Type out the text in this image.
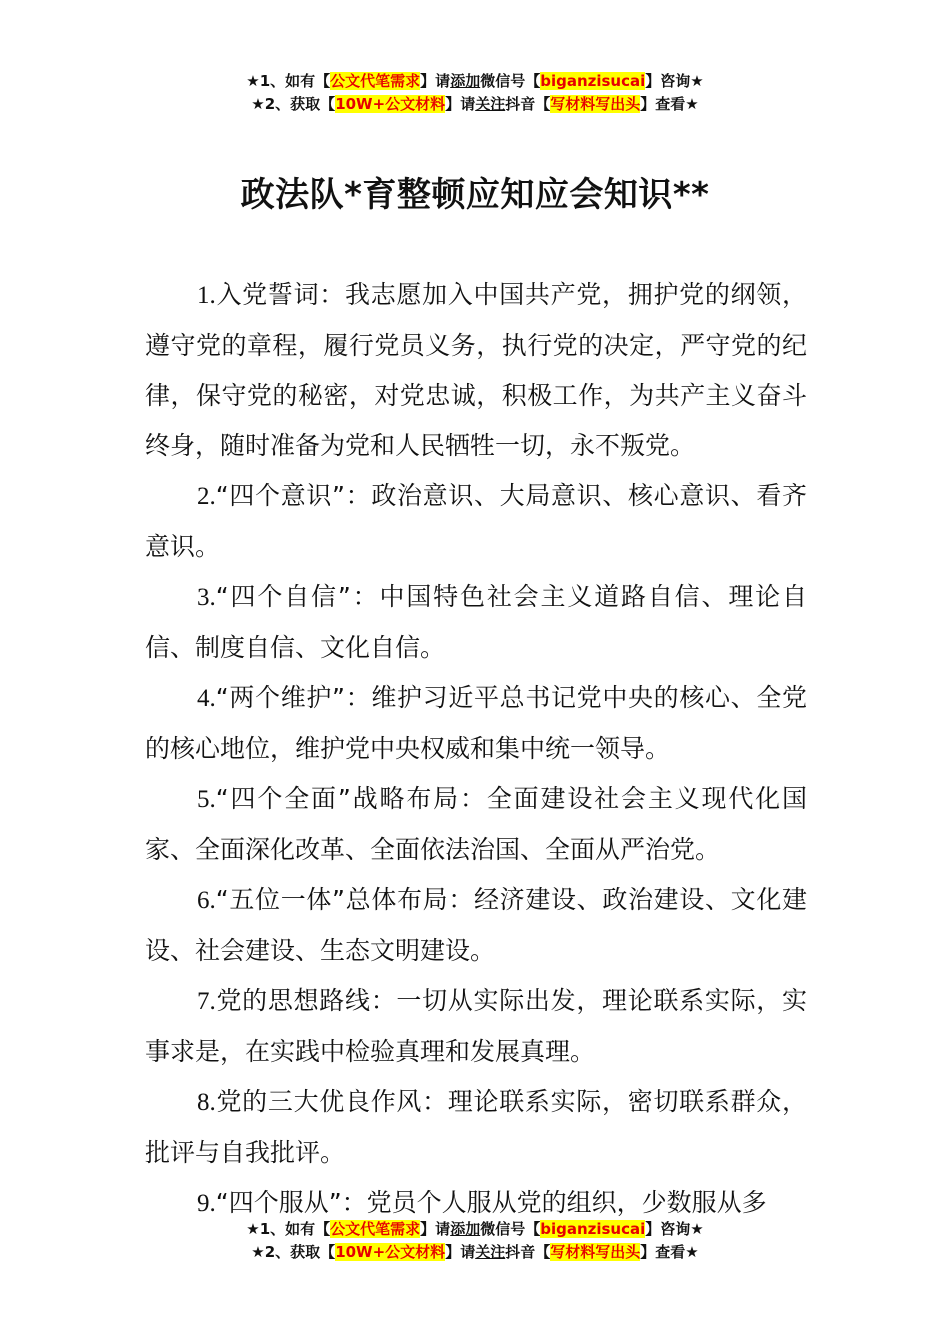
★1、如有【公文代笔需求】请添加微信号【biganzisucai】咨询★
★2、获取【10W+公文材料】请关注抖音【写材料写出头】查看★
政法队*育整顿应知应会知识**

1.入党誓词：我志愿加入中国共产党，拥护党的纲领，遵守党的章程，履行党员义务，执行党的决定，严守党的纪律，保守党的秘密，对党忠诚，积极工作，为共产主义奋斗终身，随时准备为党和人民牺牲一切，永不叛党。

2.“四个意识”：政治意识、大局意识、核心意识、看齐意识。

3.“四个自信”：中国特色社会主义道路自信、理论自信、制度自信、文化自信。

4.“两个维护”：维护习近平总书记党中央的核心、全党的核心地位，维护党中央权威和集中统一领导。

5.“四个全面”战略布局：全面建设社会主义现代化国家、全面深化改革、全面依法治国、全面从严治党。

6.“五位一体”总体布局：经济建设、政治建设、文化建设、社会建设、生态文明建设。

7.党的思想路线：一切从实际出发，理论联系实际，实事求是，在实践中检验真理和发展真理。

8.党的三大优良作风：理论联系实际，密切联系群众，批评与自我批评。

9.“四个服从”：党员个人服从党的组织，少数服从多

★1、如有【公文代笔需求】请添加微信号【biganzisucai】咨询★
★2、获取【10W+公文材料】请关注抖音【写材料写出头】查看★
